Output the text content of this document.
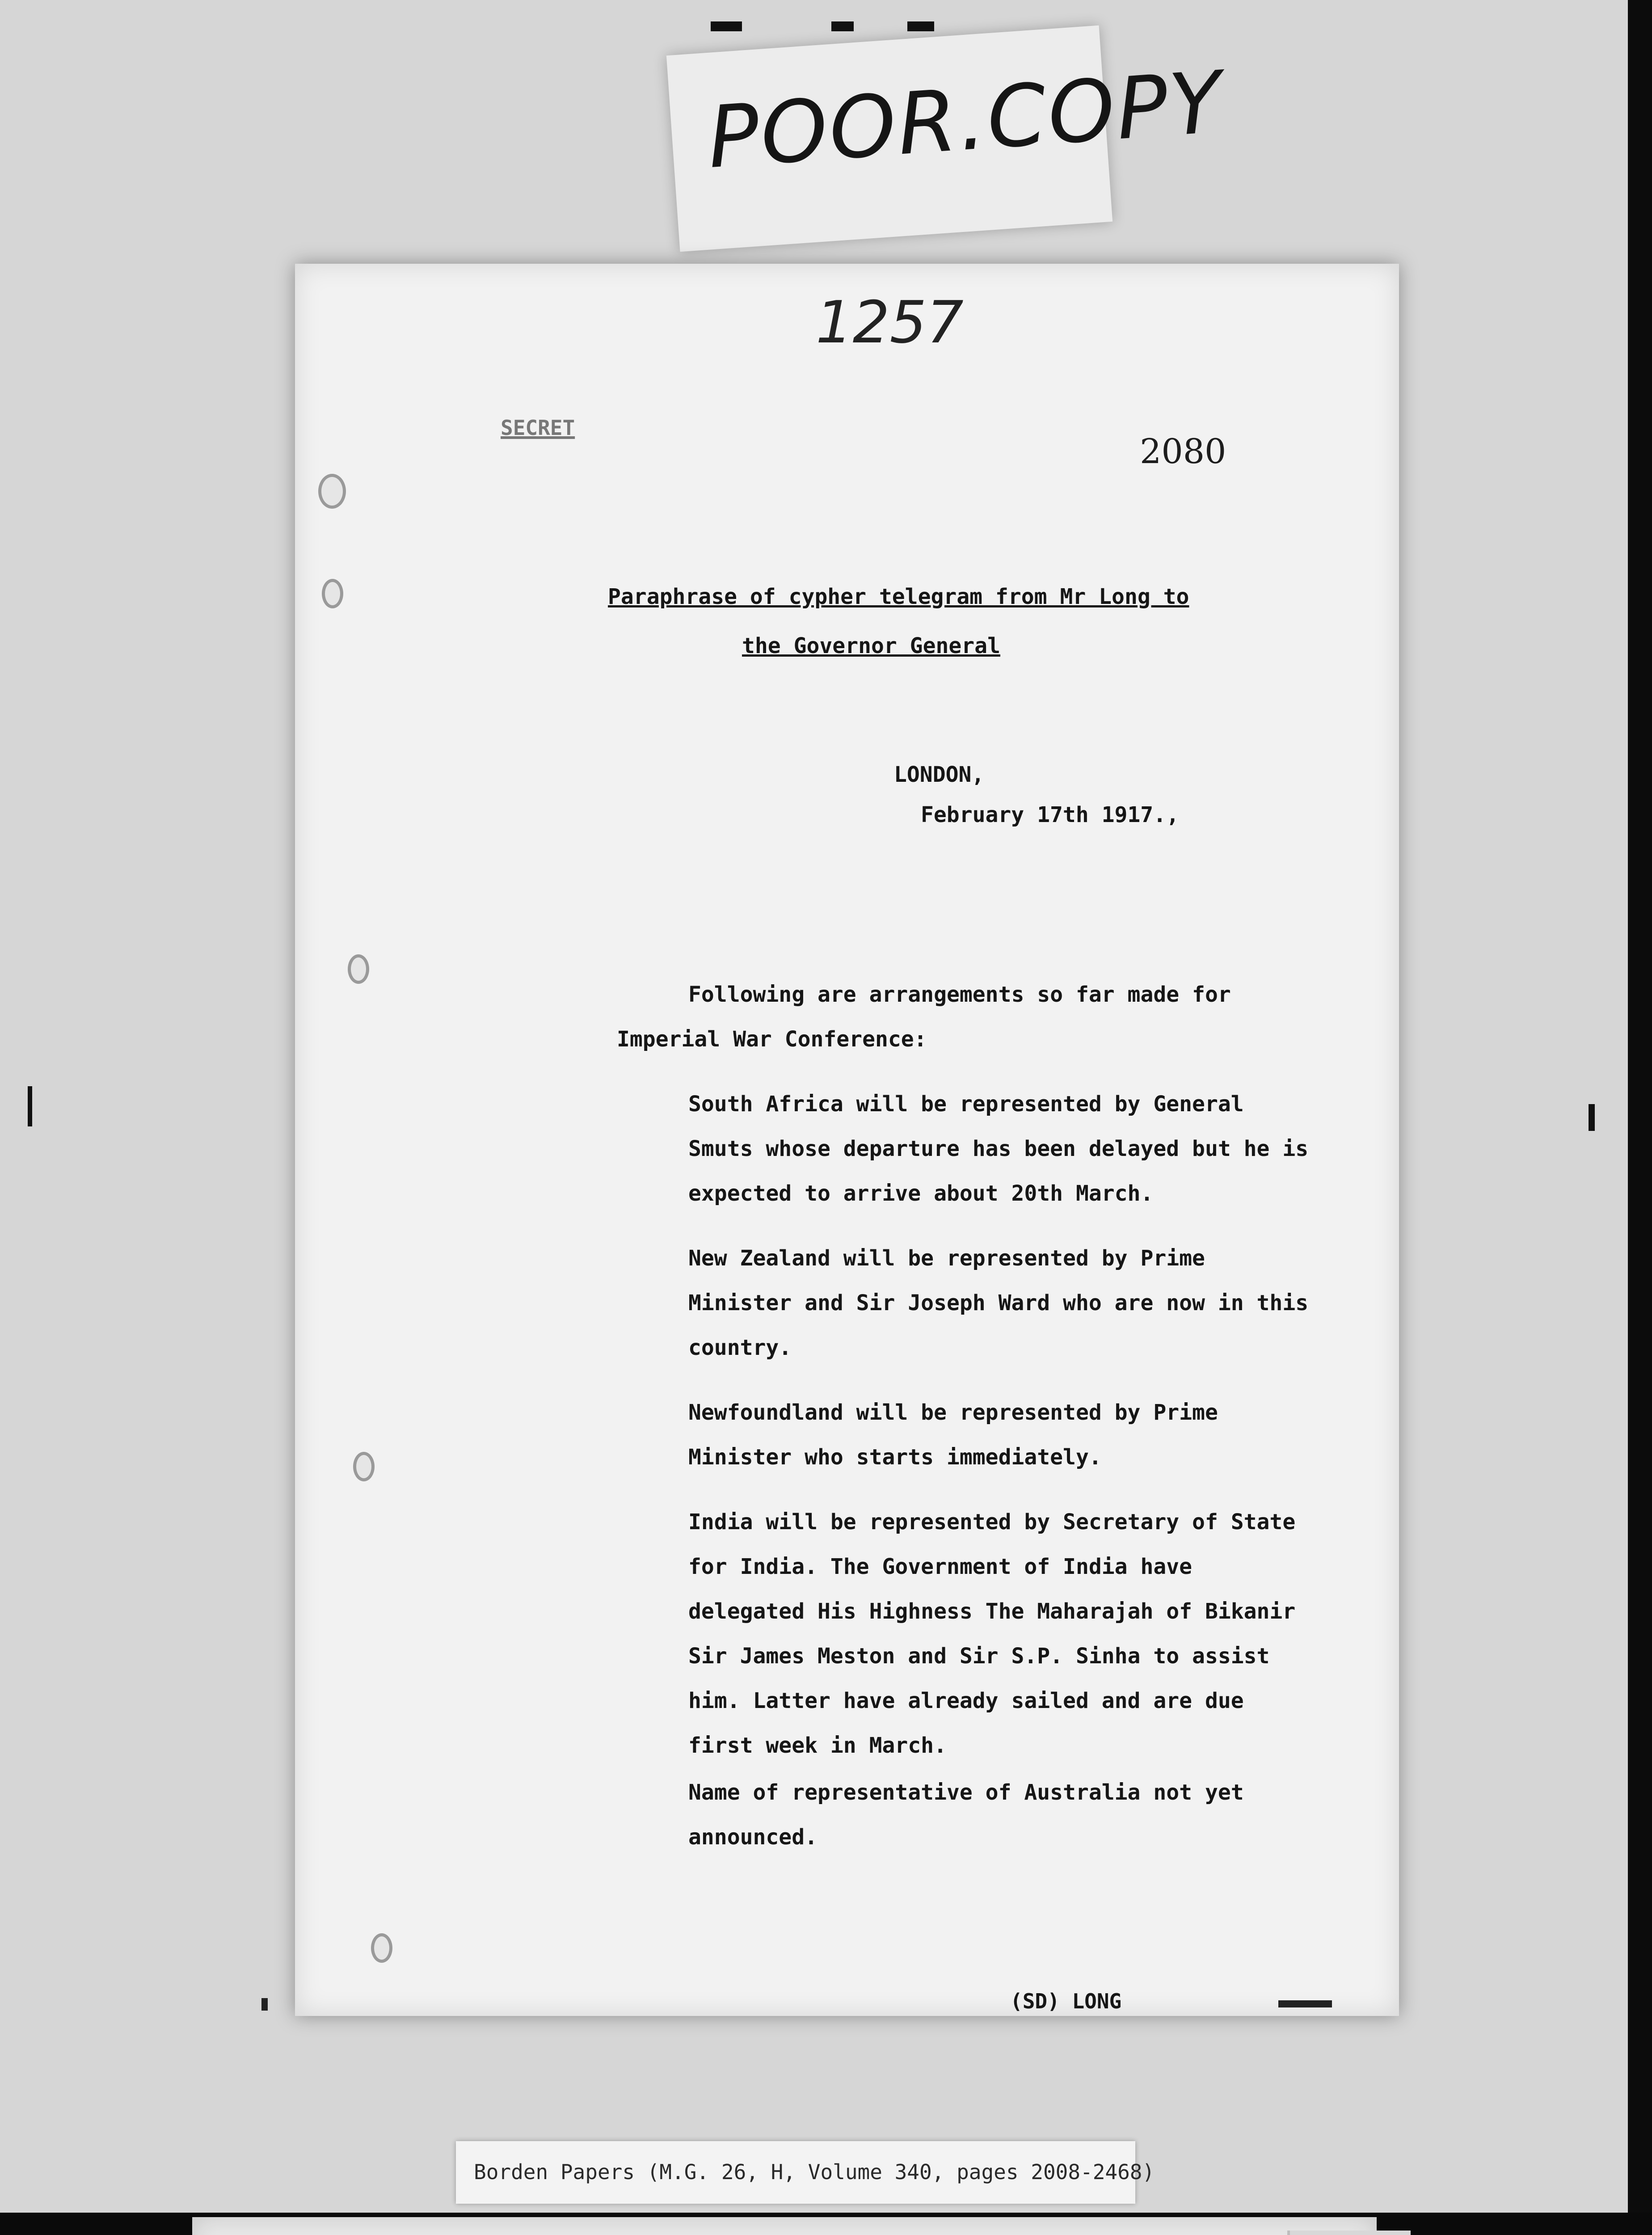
POOR.COPY
1257
SECRET
2080
Paraphrase of cypher telegram from Mr Long to
the Governor General
LONDON,
February 17th 1917.,
Following are arrangements so far made for Imperial War Conference:
South Africa will be represented by General Smuts whose departure has been delayed but he is expected to arrive about 20th March.
New Zealand will be represented by Prime Minister and Sir Joseph Ward who are now in this country.
Newfoundland will be represented by Prime Minister who starts immediately.
India will be represented by Secretary of State for India. The Government of India have delegated His Highness The Maharajah of Bikanir Sir James Meston and Sir S.P. Sinha to assist him. Latter have already sailed and are due first week in March.
Name of representative of Australia not yet announced.
(SD) LONG
Borden Papers (M.G. 26, H, Volume 340, pages 2008-2468)
